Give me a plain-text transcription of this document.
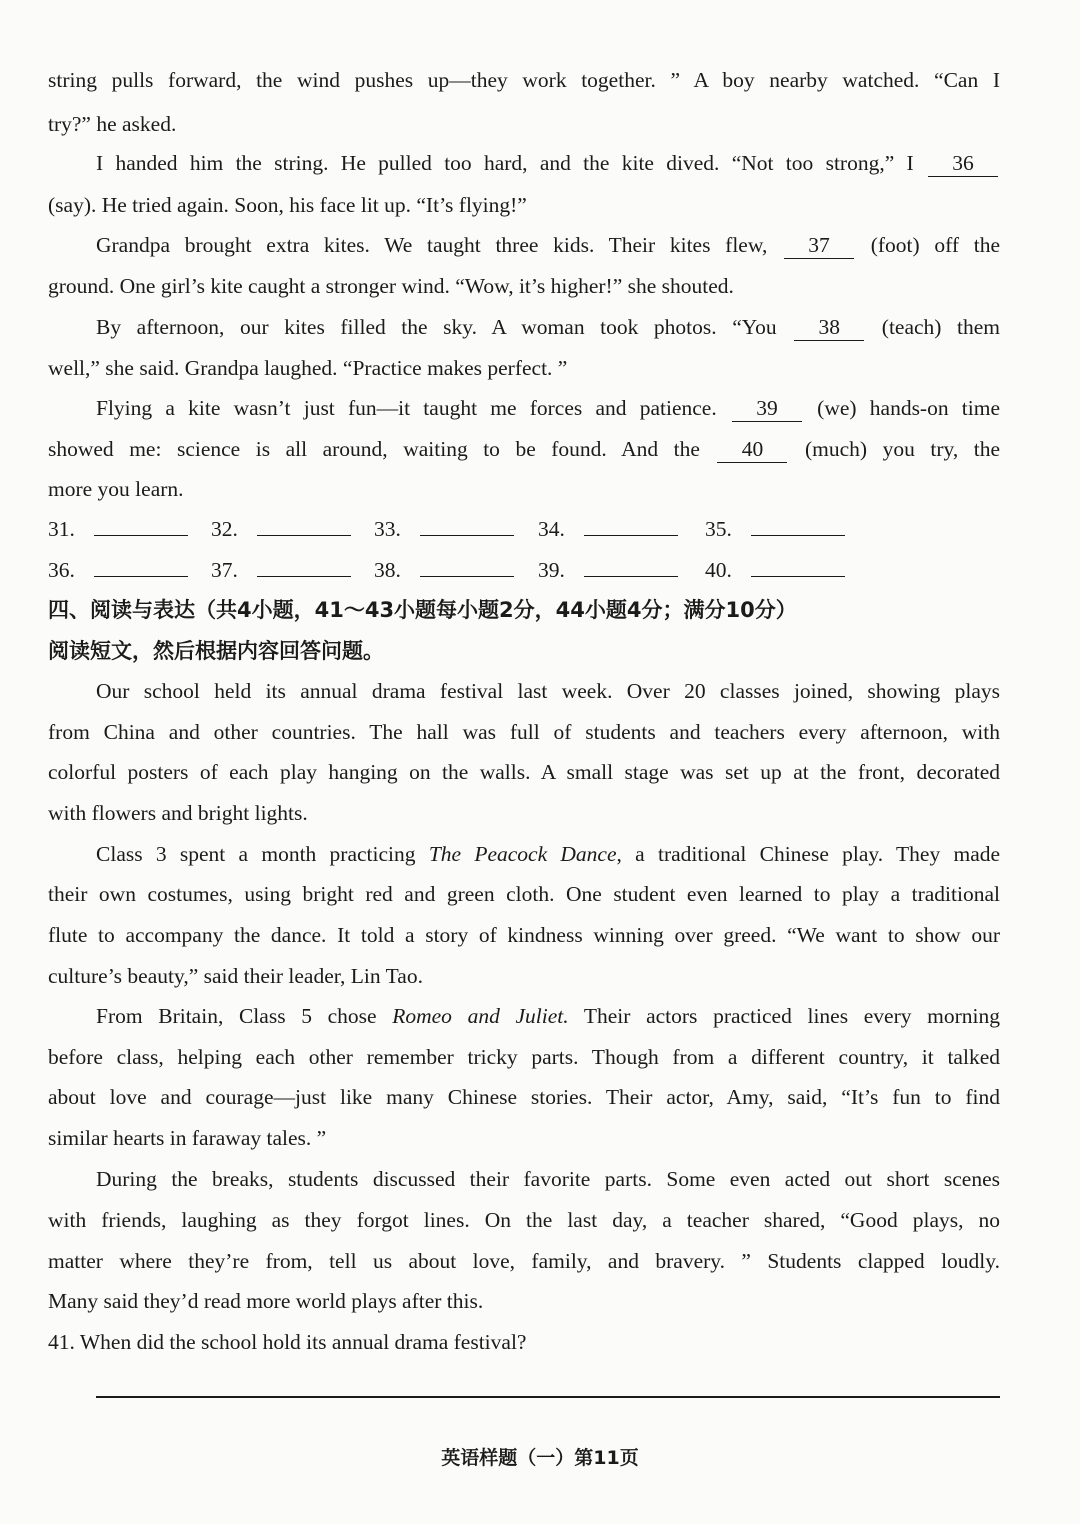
string pulls forward, the wind pushes up—they work together. ” A boy nearby watched. “Can I
try?” he asked.
I handed him the string. He pulled too hard, and the kite dived. “Not too strong,” I 36
(say). He tried again. Soon, his face lit up. “It’s flying!”
Grandpa brought extra kites. We taught three kids. Their kites flew, 37 (foot) off the
ground. One girl’s kite caught a stronger wind. “Wow, it’s higher!” she shouted.
By afternoon, our kites filled the sky. A woman took photos. “You 38 (teach) them
well,” she said. Grandpa laughed. “Practice makes perfect. ”
Flying a kite wasn’t just fun—it taught me forces and patience. 39 (we) hands-on time
showed me: science is all around, waiting to be found. And the 40 (much) you try, the
more you learn.
31.	32.	33.	34.	35.
36.	37.	38.	39.	40.
四、阅读与表达（共4小题，41～43小题每小题2分，44小题4分；满分10分）
阅读短文，然后根据内容回答问题。
Our school held its annual drama festival last week. Over 20 classes joined, showing plays
from China and other countries. The hall was full of students and teachers every afternoon, with
colorful posters of each play hanging on the walls. A small stage was set up at the front, decorated
with flowers and bright lights.
Class 3 spent a month practicing The Peacock Dance, a traditional Chinese play. They made
their own costumes, using bright red and green cloth. One student even learned to play a traditional
flute to accompany the dance. It told a story of kindness winning over greed. “We want to show our
culture’s beauty,” said their leader, Lin Tao.
From Britain, Class 5 chose Romeo and Juliet. Their actors practiced lines every morning
before class, helping each other remember tricky parts. Though from a different country, it talked
about love and courage—just like many Chinese stories. Their actor, Amy, said, “It’s fun to find
similar hearts in faraway tales. ”
During the breaks, students discussed their favorite parts. Some even acted out short scenes
with friends, laughing as they forgot lines. On the last day, a teacher shared, “Good plays, no
matter where they’re from, tell us about love, family, and bravery. ” Students clapped loudly.
Many said they’d read more world plays after this.
41. When did the school hold its annual drama festival?
英语样题（一）第11页
